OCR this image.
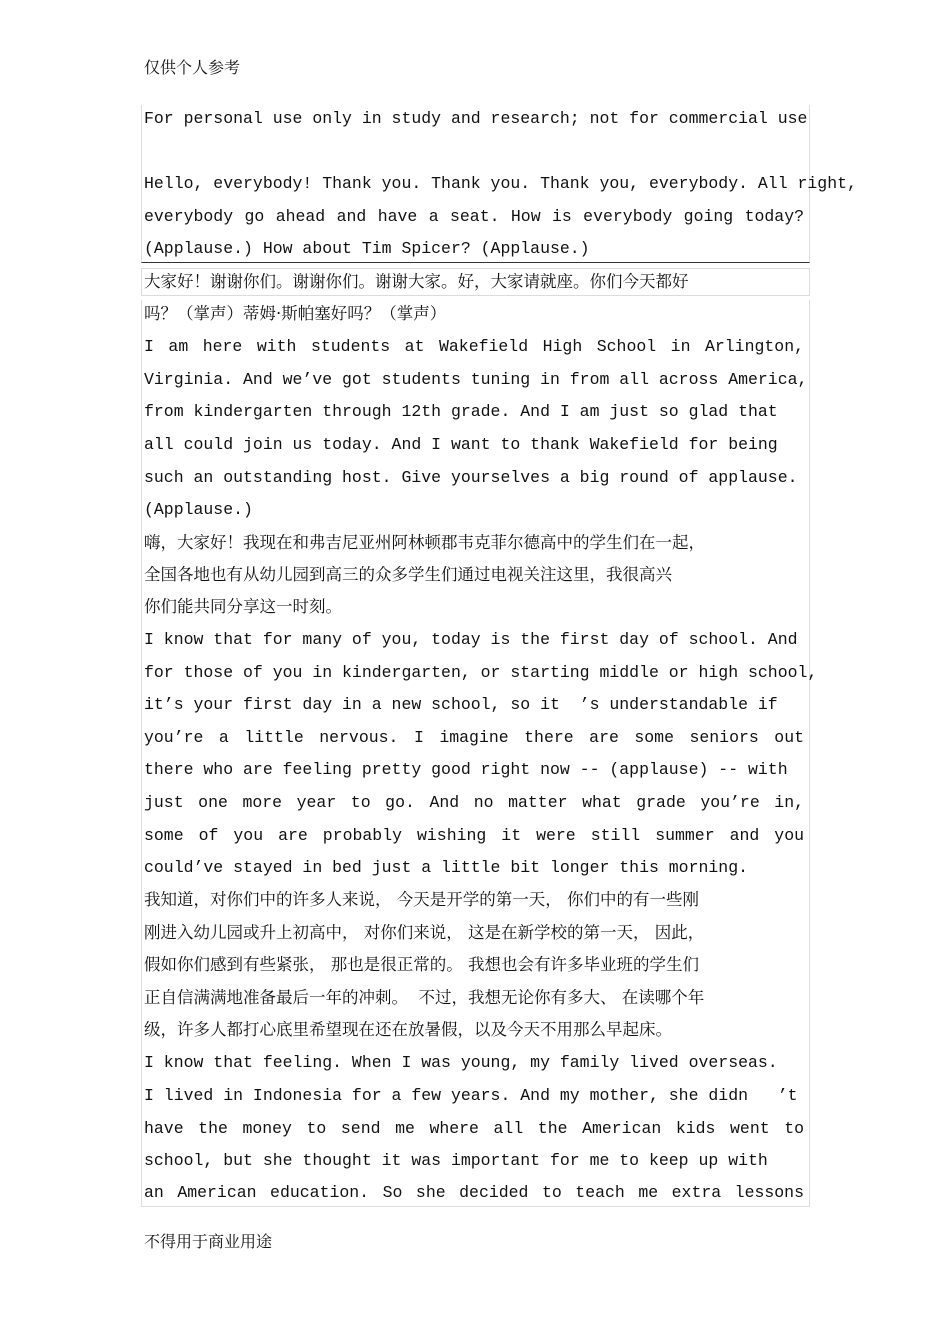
仅供个人参考
For personal use only in study and research; not for commercial use
Hello, everybody! Thank you. Thank you. Thank you, everybody. All right,
everybody go ahead and have a seat. How is everybody going today?
(Applause.) How about Tim Spicer? (Applause.)
大家好！谢谢你们。谢谢你们。谢谢大家。好，大家请就座。你们今天都好
吗？（掌声）蒂姆·斯帕塞好吗？（掌声）
I am here with students at Wakefield High School in Arlington,
Virginia. And we’ve got students tuning in from all across America,
from kindergarten through 12th grade. And I am just so glad that
all could join us today. And I want to thank Wakefield for being
such an outstanding host. Give yourselves a big round of applause.
(Applause.)
嗨，大家好！我现在和弗吉尼亚州阿林顿郡韦克菲尔德高中的学生们在一起，
全国各地也有从幼儿园到高三的众多学生们通过电视关注这里，我很高兴
你们能共同分享这一时刻。
I know that for many of you, today is the first day of school. And
for those of you in kindergarten, or starting middle or high school,
it’s your first day in a new school, so it  ’s understandable if
you’re a little nervous. I imagine there are some seniors out
there who are feeling pretty good right now -- (applause) -- with
just one more year to go. And no matter what grade you’re in,
some of you are probably wishing it were still summer and you
could’ve stayed in bed just a little bit longer this morning.
我知道，对你们中的许多人来说， 今天是开学的第一天， 你们中的有一些刚
刚进入幼儿园或升上初高中， 对你们来说， 这是在新学校的第一天， 因此，
假如你们感到有些紧张， 那也是很正常的。 我想也会有许多毕业班的学生们
正自信满满地准备最后一年的冲刺。  不过，我想无论你有多大、 在读哪个年
级，许多人都打心底里希望现在还在放暑假，以及今天不用那么早起床。
I know that feeling. When I was young, my family lived overseas.
I lived in Indonesia for a few years. And my mother, she didn   ’t
have the money to send me where all the American kids went to
school, but she thought it was important for me to keep up with
an American education. So she decided to teach me extra lessons
不得用于商业用途
